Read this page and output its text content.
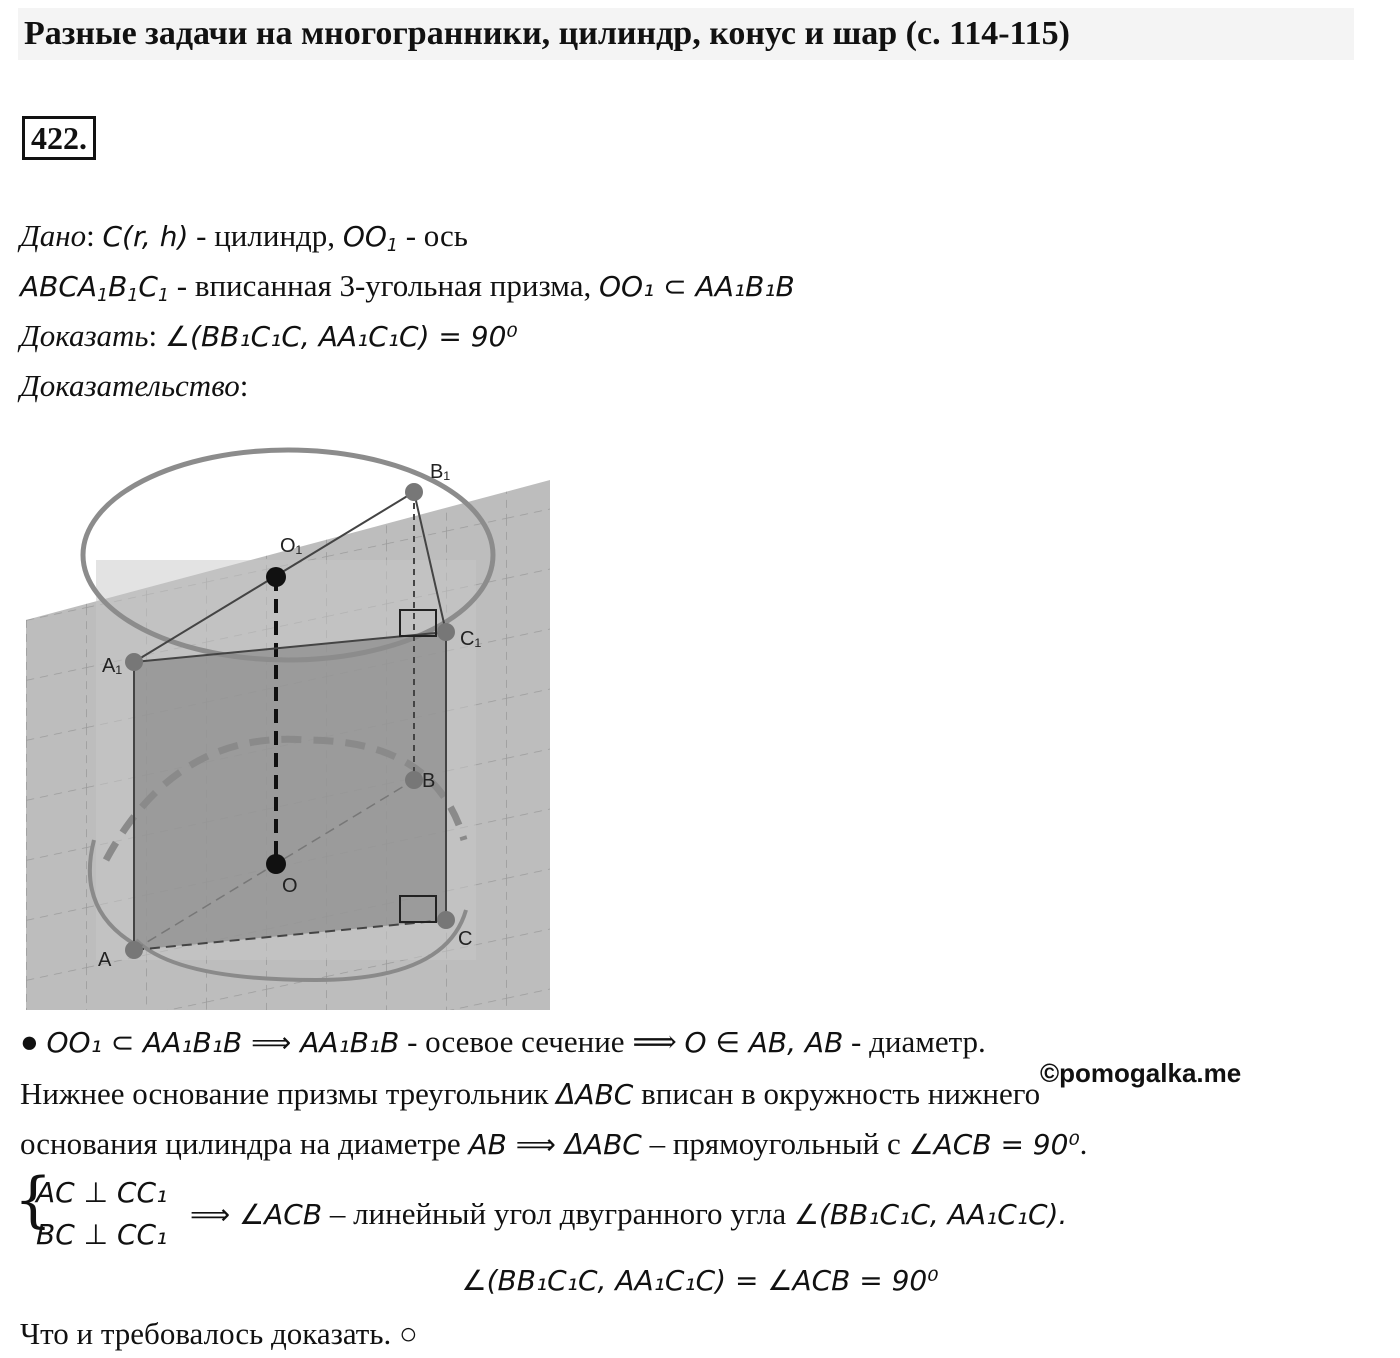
Разные задачи на многогранники, цилиндр, конус и шар (с. 114-115)
422.
Дано: C(r, h) - цилиндр, $OO_1$ - ось
$ABCA_1B_1C_1$ - вписанная 3-угольная призма, OO₁ ⊂ AA₁B₁B
Доказать: ∠(BB₁C₁C, AA₁C₁C) = 90⁰
Доказательство:
B₁
O₁
C₁
A₁
B
O
C
A
● OO₁ ⊂ AA₁B₁B ⟹ AA₁B₁B - осевое сечение ⟹ O ∈ AB, AB - диаметр.
©pomogalka.me
Нижнее основание призмы треугольник ΔABC вписан в окружность нижнего
основания цилиндра на диаметре AB ⟹ ΔABC – прямоугольный с ∠ACB = 90⁰.
{
AC ⊥ CC₁
BC ⊥ CC₁
⟹ ∠ACB – линейный угол двугранного угла ∠(BB₁C₁C, AA₁C₁C).
∠(BB₁C₁C, AA₁C₁C) = ∠ACB = 90⁰
Что и требовалось доказать. ○
